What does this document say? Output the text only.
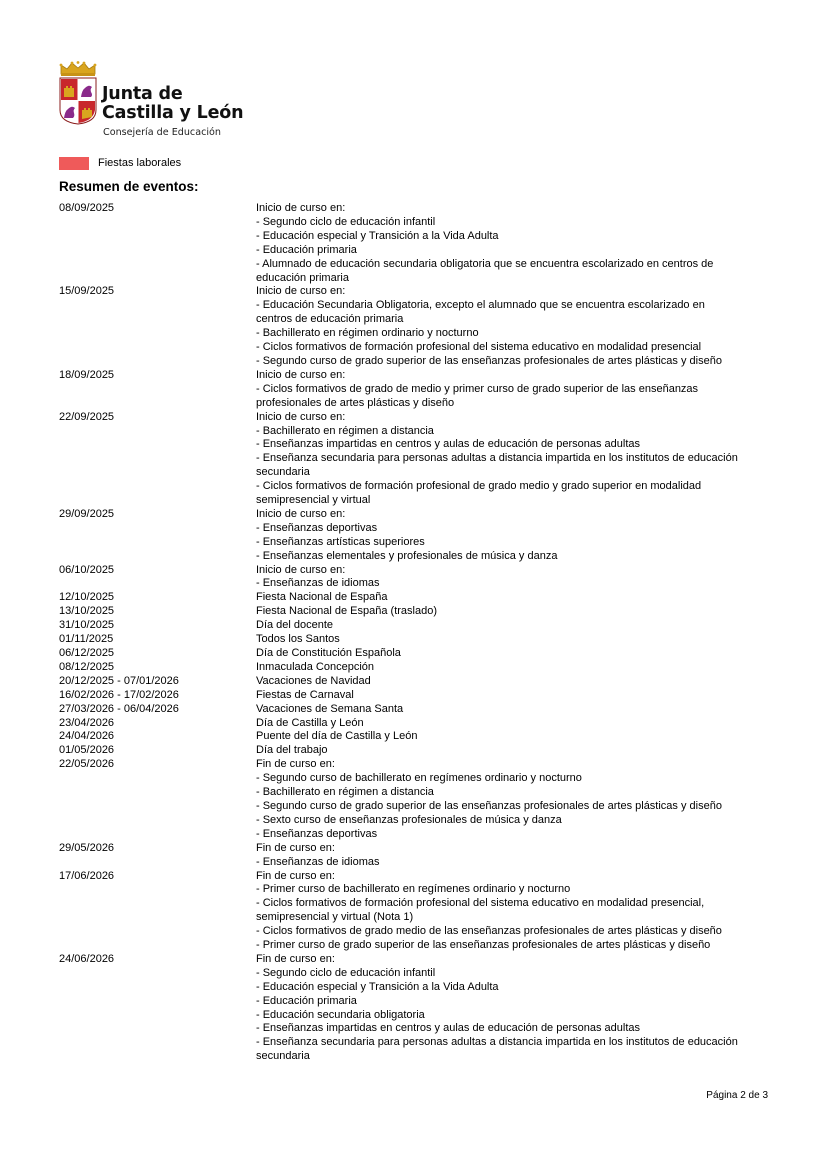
Junta de
Castilla y León
Consejería de Educación
Fiestas laborales
Resumen de eventos:
08/09/2025	Inicio de curso en:
- Segundo ciclo de educación infantil
- Educación especial y Transición a la Vida Adulta
- Educación primaria
- Alumnado de educación secundaria obligatoria que se encuentra escolarizado en centros de
educación primaria
15/09/2025	Inicio de curso en:
- Educación Secundaria Obligatoria, excepto el alumnado que se encuentra escolarizado en
centros de educación primaria
- Bachillerato en régimen ordinario y nocturno
- Ciclos formativos de formación profesional del sistema educativo en modalidad presencial
- Segundo curso de grado superior de las enseñanzas profesionales de artes plásticas y diseño
18/09/2025	Inicio de curso en:
- Ciclos formativos de grado de medio y primer curso de grado superior de las enseñanzas
profesionales de artes plásticas y diseño
22/09/2025	Inicio de curso en:
- Bachillerato en régimen a distancia
- Enseñanzas impartidas en centros y aulas de educación de personas adultas
- Enseñanza secundaria para personas adultas a distancia impartida en los institutos de educación
secundaria
- Ciclos formativos de formación profesional de grado medio y grado superior en modalidad
semipresencial y virtual
29/09/2025	Inicio de curso en:
- Enseñanzas deportivas
- Enseñanzas artísticas superiores
- Enseñanzas elementales y profesionales de música y danza
06/10/2025	Inicio de curso en:
- Enseñanzas de idiomas
12/10/2025	Fiesta Nacional de España
13/10/2025	Fiesta Nacional de España (traslado)
31/10/2025	Día del docente
01/11/2025	Todos los Santos
06/12/2025	Día de Constitución Española
08/12/2025	Inmaculada Concepción
20/12/2025 - 07/01/2026	Vacaciones de Navidad
16/02/2026 - 17/02/2026	Fiestas de Carnaval
27/03/2026 - 06/04/2026	Vacaciones de Semana Santa
23/04/2026	Día de Castilla y León
24/04/2026	Puente del día de Castilla y León
01/05/2026	Día del trabajo
22/05/2026	Fin de curso en:
- Segundo curso de bachillerato en regímenes ordinario y nocturno
- Bachillerato en régimen a distancia
- Segundo curso de grado superior de las enseñanzas profesionales de artes plásticas y diseño
- Sexto curso de enseñanzas profesionales de música y danza
- Enseñanzas deportivas
29/05/2026	Fin de curso en:
- Enseñanzas de idiomas
17/06/2026	Fin de curso en:
- Primer curso de bachillerato en regímenes ordinario y nocturno
- Ciclos formativos de formación profesional del sistema educativo en modalidad presencial,
semipresencial y virtual (Nota 1)
- Ciclos formativos de grado medio de las enseñanzas profesionales de artes plásticas y diseño
- Primer curso de grado superior de las enseñanzas profesionales de artes plásticas y diseño
24/06/2026	Fin de curso en:
- Segundo ciclo de educación infantil
- Educación especial y Transición a la Vida Adulta
- Educación primaria
- Educación secundaria obligatoria
- Enseñanzas impartidas en centros y aulas de educación de personas adultas
- Enseñanza secundaria para personas adultas a distancia impartida en los institutos de educación
secundaria
Página 2 de 3
